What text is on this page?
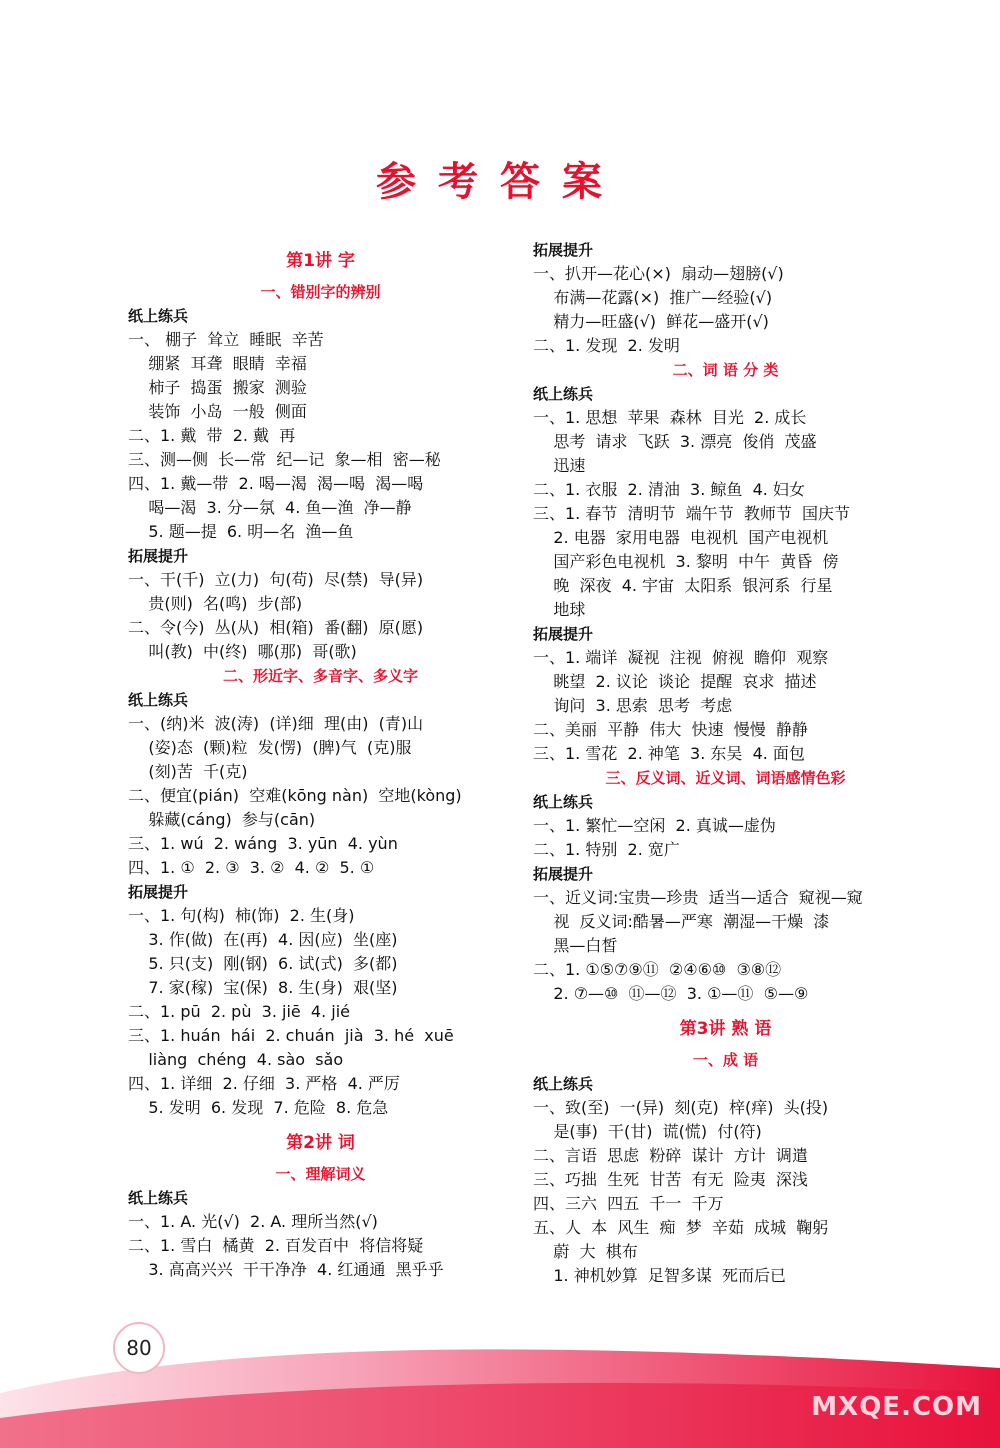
参考答案
第1讲 字
一、错别字的辨别
纸上练兵
一、 棚子  耸立  睡眠  辛苦
绷紧  耳聋  眼睛  幸福
柿子  捣蛋  搬家  测验
装饰  小岛  一般  侧面
二、1. 戴  带  2. 戴  再
三、测—侧  长—常  纪—记  象—相  密—秘
四、1. 戴—带  2. 喝—渴  渴—喝  渴—喝
喝—渴  3. 分—氛  4. 鱼—渔  净—静
5. 题—提  6. 明—名  渔—鱼
拓展提升
一、干(千)  立(力)  句(苟)  尽(禁)  导(异)
贵(则)  名(鸣)  步(部)
二、令(今)  丛(从)  相(箱)  番(翻)  原(愿)
叫(教)  中(终)  哪(那)  哥(歌)
二、形近字、多音字、多义字
纸上练兵
一、(纳)米  波(涛)  (详)细  理(由)  (青)山
(姿)态  (颗)粒  发(愣)  (脾)气  (克)服
(刻)苦  千(克)
二、便宜(pián)  空难(kōng nàn)  空地(kòng)
躲藏(cáng)  参与(cān)
三、1. wú  2. wáng  3. yūn  4. yùn
四、1. ①  2. ③  3. ②  4. ②  5. ①
拓展提升
一、1. 句(构)  柿(饰)  2. 生(身)
3. 作(做)  在(再)  4. 因(应)  坐(座)
5. 只(支)  刚(钢)  6. 试(式)  多(都)
7. 家(稼)  宝(保)  8. 生(身)  艰(坚)
二、1. pū  2. pù  3. jiē  4. jié
三、1. huán  hái  2. chuán  jià  3. hé  xuē
liàng  chéng  4. sào  sǎo
四、1. 详细  2. 仔细  3. 严格  4. 严厉
5. 发明  6. 发现  7. 危险  8. 危急
第2讲 词
一、理解词义
纸上练兵
一、1. A. 光(√)  2. A. 理所当然(√)
二、1. 雪白  橘黄  2. 百发百中  将信将疑
3. 高高兴兴  干干净净  4. 红通通  黑乎乎
拓展提升
一、扒开—花心(×)  扇动—翅膀(√)
布满—花露(×)  推广—经验(√)
精力—旺盛(√)  鲜花—盛开(√)
二、1. 发现  2. 发明
二、词 语 分 类
纸上练兵
一、1. 思想  苹果  森林  目光  2. 成长
思考  请求  飞跃  3. 漂亮  俊俏  茂盛
迅速
二、1. 衣服  2. 清油  3. 鲸鱼  4. 妇女
三、1. 春节  清明节  端午节  教师节  国庆节
2. 电器  家用电器  电视机  国产电视机
国产彩色电视机  3. 黎明  中午  黄昏  傍
晚  深夜  4. 宇宙  太阳系  银河系  行星
地球
拓展提升
一、1. 端详  凝视  注视  俯视  瞻仰  观察
眺望  2. 议论  谈论  提醒  哀求  描述
询问  3. 思索  思考  考虑
二、美丽  平静  伟大  快速  慢慢  静静
三、1. 雪花  2. 神笔  3. 东吴  4. 面包
三、反义词、近义词、词语感情色彩
纸上练兵
一、1. 繁忙—空闲  2. 真诚—虚伪
二、1. 特别  2. 宽广
拓展提升
一、近义词:宝贵—珍贵  适当—适合  窥视—窥
视  反义词:酷暑—严寒  潮湿—干燥  漆
黑—白皙
二、1. ①⑤⑦⑨⑪  ②④⑥⑩  ③⑧⑫
2. ⑦—⑩  ⑪—⑫  3. ①—⑪  ⑤—⑨
第3讲 熟 语
一、成 语
纸上练兵
一、致(至)  一(异)  刻(克)  梓(痒)  头(投)
是(事)  干(甘)  谎(慌)  付(符)
二、言语  思虑  粉碎  谋计  方计  调遣
三、巧拙  生死  甘苦  有无  险夷  深浅
四、三六  四五  千一  千万
五、人  本  风生  痴  梦  辛茹  成城  鞠躬
蔚  大  棋布
1. 神机妙算  足智多谋  死而后已
80
MXQE.COM
